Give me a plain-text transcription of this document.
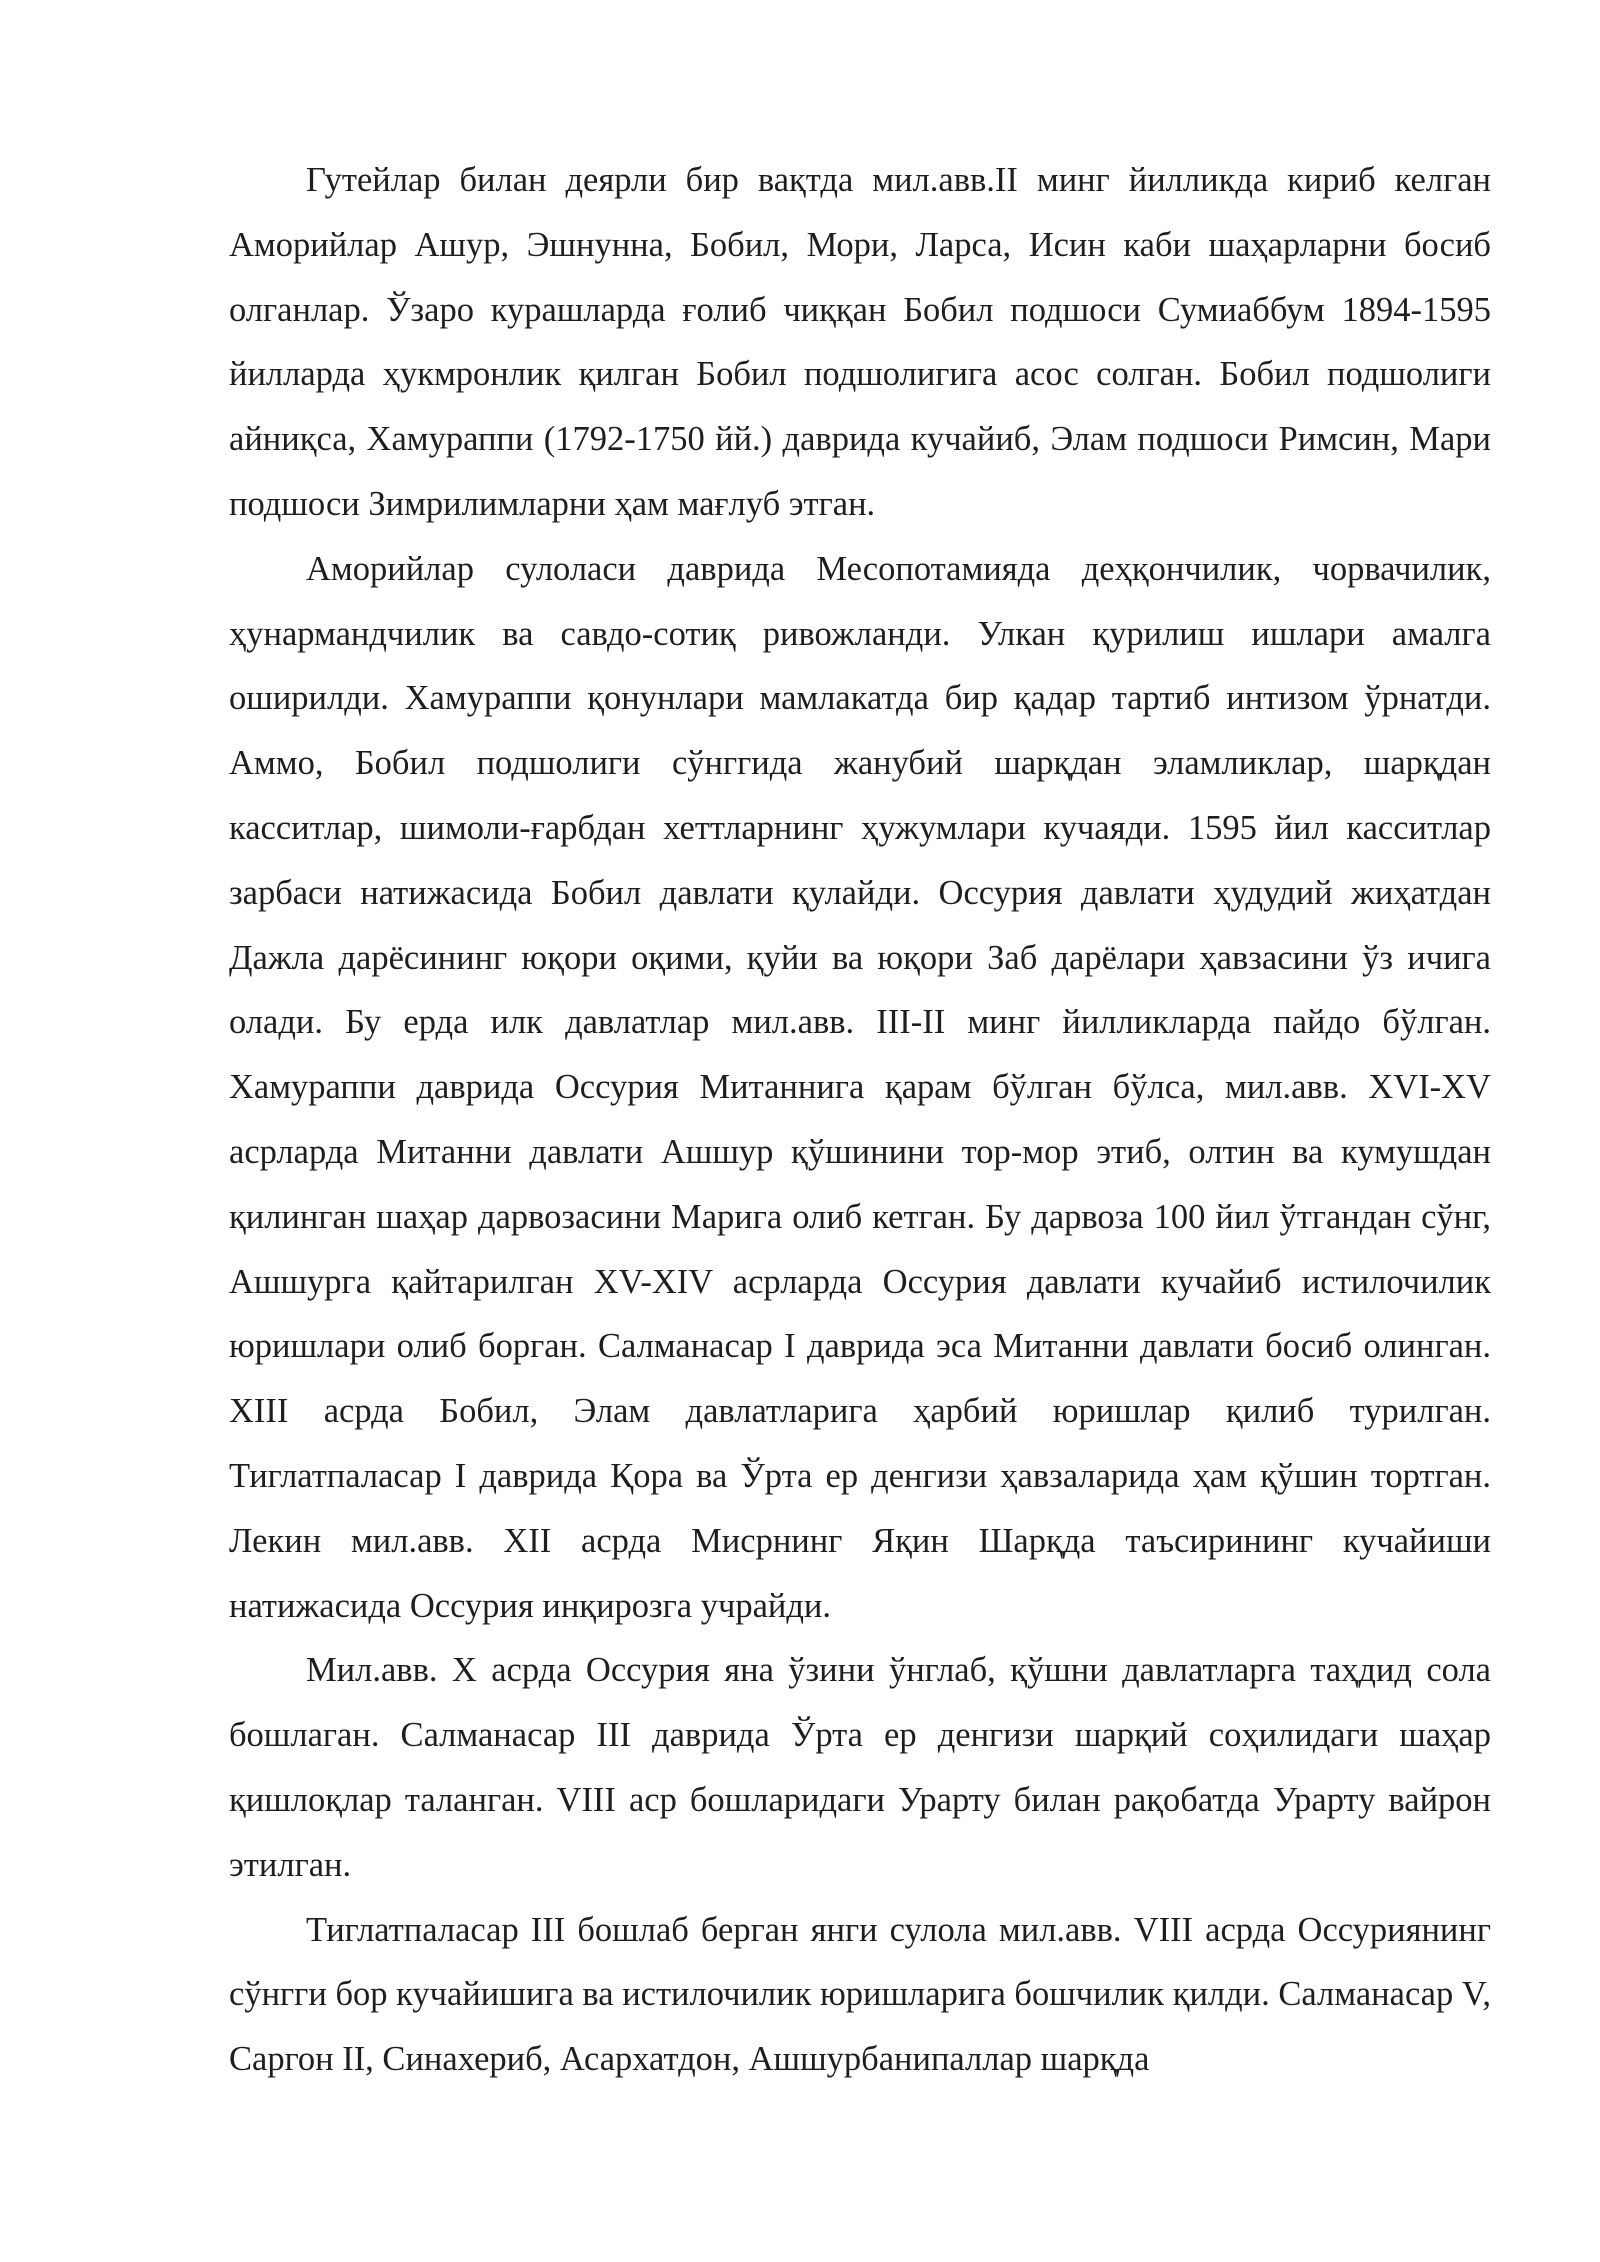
Гутейлар билан деярли бир вақтда мил.авв.II минг йилликда кириб келган Аморийлар Ашур, Эшнунна, Бобил, Мори, Ларса, Исин каби шаҳарларни босиб олганлар. Ўзаро курашларда ғолиб чиққан Бобил подшоси Сумиаббум 1894-1595 йилларда ҳукмронлик қилган Бобил подшолигига асос солган. Бобил подшолиги айниқса, Хамураппи (1792-1750 йй.) даврида кучайиб, Элам подшоси Римсин, Мари подшоси Зимрилимларни ҳам мағлуб этган.

Аморийлар сулоласи даврида Месопотамияда деҳқончилик, чорвачилик, ҳунармандчилик ва савдо-сотиқ ривожланди. Улкан қурилиш ишлари амалга оширилди. Хамураппи қонунлари мамлакатда бир қадар тартиб интизом ўрнатди. Аммо, Бобил подшолиги сўнггида жанубий шарқдан эламликлар, шарқдан касситлар, шимоли-ғарбдан хеттларнинг ҳужумлари кучаяди. 1595 йил касситлар зарбаси натижасида Бобил давлати қулайди. Оссурия давлати ҳудудий жиҳатдан Дажла дарёсининг юқори оқими, қуйи ва юқори Заб дарёлари ҳавзасини ўз ичига олади. Бу ерда илк давлатлар мил.авв. III-II минг йилликларда пайдо бўлган. Хамураппи даврида Оссурия Митаннига қарам бўлган бўлса, мил.авв. XVI-XV асрларда Митанни давлати Ашшур қўшинини тор-мор этиб, олтин ва кумушдан қилинган шаҳар дарвозасини Марига олиб кетган. Бу дарвоза 100 йил ўтгандан сўнг, Ашшурга қайтарилган XV-XIV асрларда Оссурия давлати кучайиб истилочилик юришлари олиб борган. Салманасар I даврида эса Митанни давлати босиб олинган. XIII асрда Бобил, Элам давлатларига ҳарбий юришлар қилиб турилган. Тиглатпаласар I даврида Қора ва Ўрта ер денгизи ҳавзаларида ҳам қўшин тортган. Лекин мил.авв. XII асрда Мисрнинг Яқин Шарқда таъсирининг кучайиши натижасида Оссурия инқирозга учрайди.

Мил.авв. X асрда Оссурия яна ўзини ўнглаб, қўшни давлатларга таҳдид сола бошлаган. Салманасар III даврида Ўрта ер денгизи шарқий соҳилидаги шаҳар қишлоқлар таланган. VIII аср бошларидаги Урарту билан рақобатда Урарту вайрон этилган.

Тиглатпаласар III бошлаб берган янги сулола мил.авв. VIII асрда Оссуриянинг сўнгги бор кучайишига ва истилочилик юришларига бошчилик қилди. Салманасар V, Саргон II, Синахериб, Асархатдон, Ашшурбанипаллар шарқда
